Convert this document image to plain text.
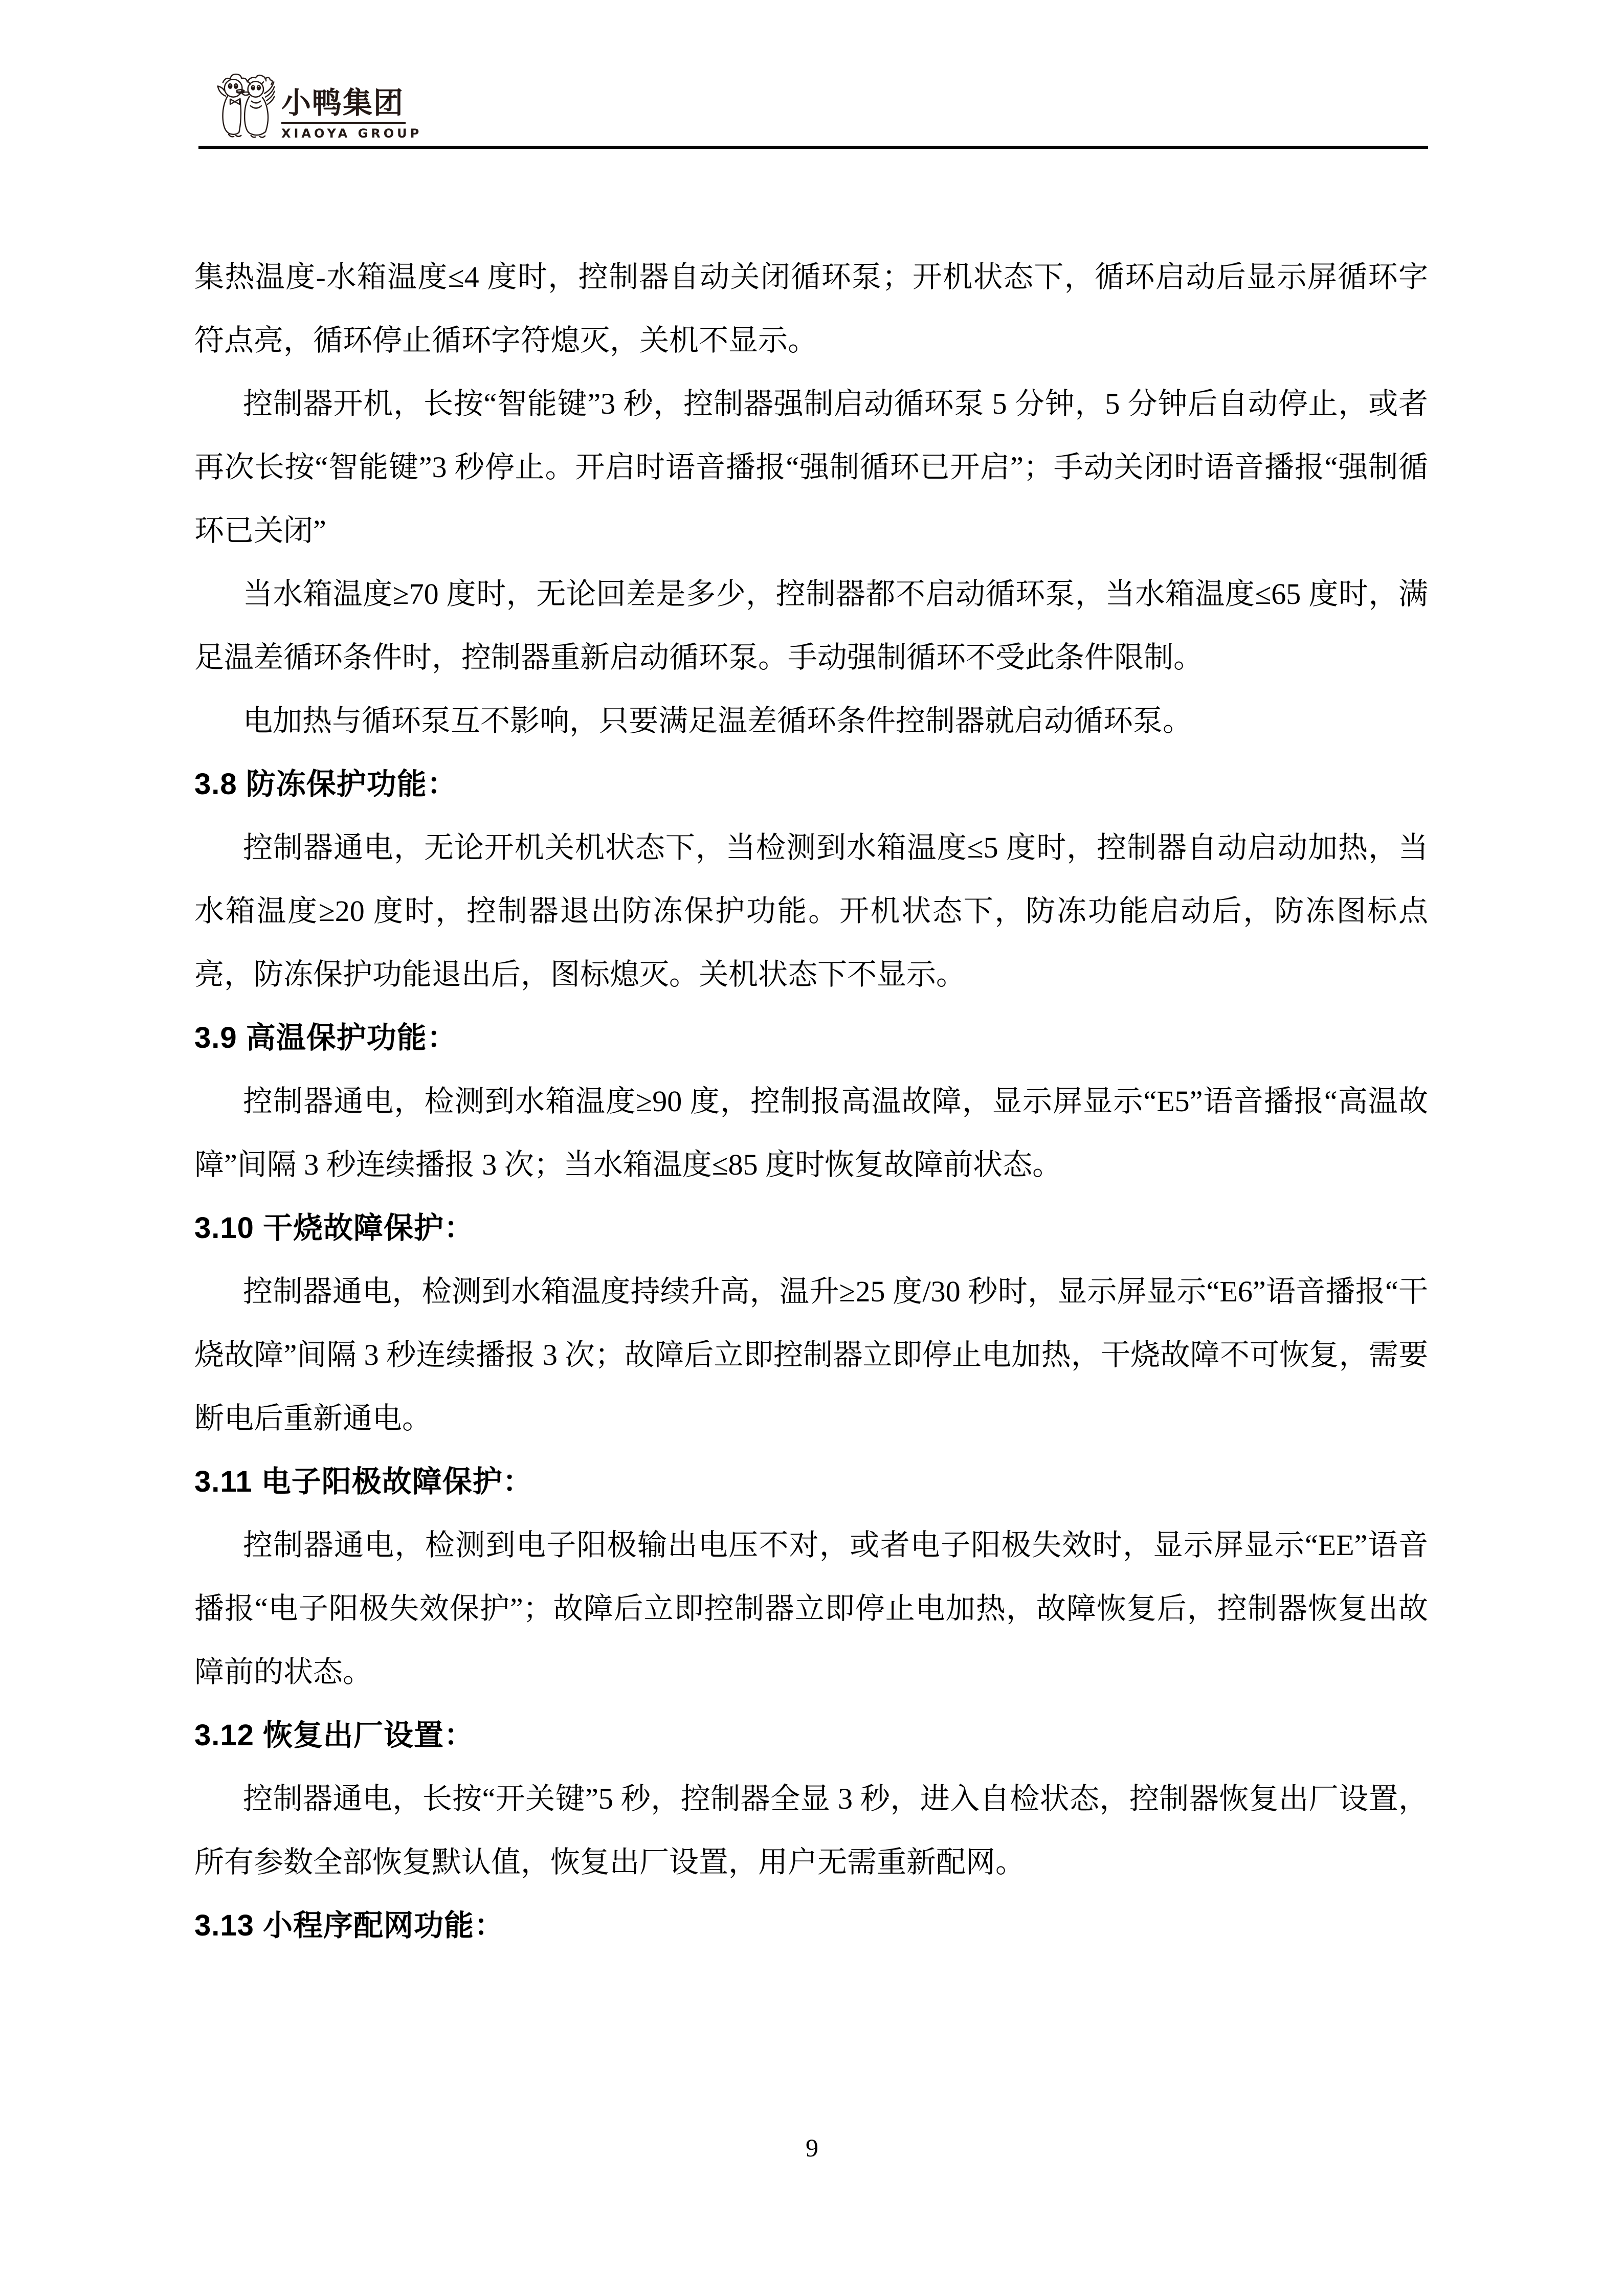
小鸭集团
XIAOYA GROUP

集热温度-水箱温度≤4 度时，控制器自动关闭循环泵；开机状态下，循环启动后显示屏循环字符点亮，循环停止循环字符熄灭，关机不显示。

控制器开机，长按“智能键”3 秒，控制器强制启动循环泵 5 分钟，5 分钟后自动停止，或者再次长按“智能键”3 秒停止。开启时语音播报“强制循环已开启”；手动关闭时语音播报“强制循环已关闭”

当水箱温度≥70 度时，无论回差是多少，控制器都不启动循环泵，当水箱温度≤65 度时，满足温差循环条件时，控制器重新启动循环泵。手动强制循环不受此条件限制。

电加热与循环泵互不影响，只要满足温差循环条件控制器就启动循环泵。

3.8 防冻保护功能：

控制器通电，无论开机关机状态下，当检测到水箱温度≤5 度时，控制器自动启动加热，当水箱温度≥20 度时，控制器退出防冻保护功能。开机状态下，防冻功能启动后，防冻图标点亮，防冻保护功能退出后，图标熄灭。关机状态下不显示。

3.9 高温保护功能：

控制器通电，检测到水箱温度≥90 度，控制报高温故障，显示屏显示“E5”语音播报“高温故障”间隔 3 秒连续播报 3 次；当水箱温度≤85 度时恢复故障前状态。

3.10 干烧故障保护：

控制器通电，检测到水箱温度持续升高，温升≥25 度/30 秒时，显示屏显示“E6”语音播报“干烧故障”间隔 3 秒连续播报 3 次；故障后立即控制器立即停止电加热，干烧故障不可恢复，需要断电后重新通电。

3.11 电子阳极故障保护：

控制器通电，检测到电子阳极输出电压不对，或者电子阳极失效时，显示屏显示“EE”语音播报“电子阳极失效保护”；故障后立即控制器立即停止电加热，故障恢复后，控制器恢复出故障前的状态。

3.12 恢复出厂设置：

控制器通电，长按“开关键”5 秒，控制器全显 3 秒，进入自检状态，控制器恢复出厂设置，所有参数全部恢复默认值，恢复出厂设置，用户无需重新配网。

3.13 小程序配网功能：

9
